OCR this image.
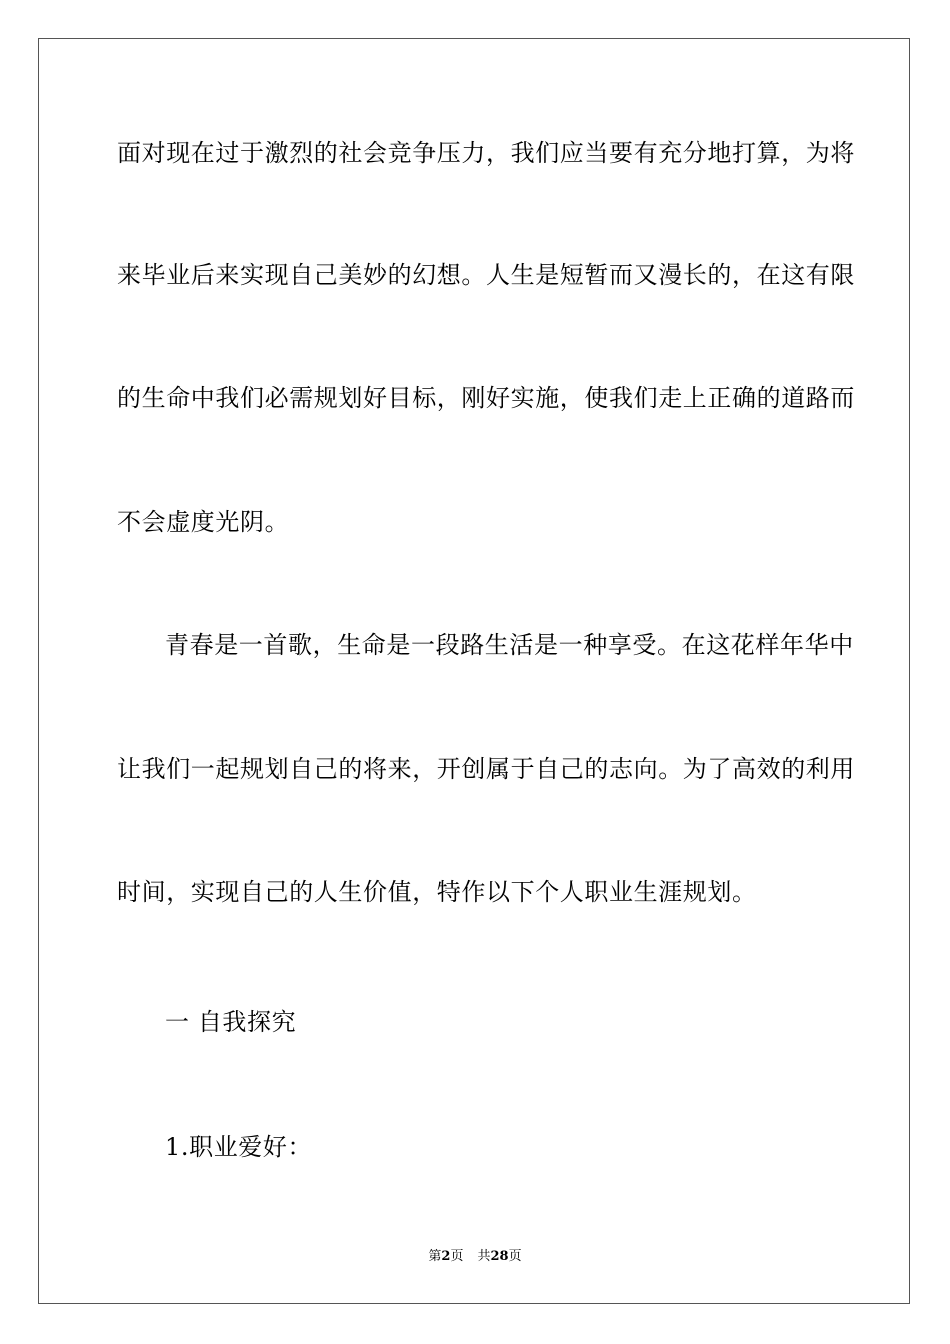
面对现在过于激烈的社会竞争压力，我们应当要有充分地打算，为将
来毕业后来实现自己美妙的幻想。人生是短暂而又漫长的，在这有限
的生命中我们必需规划好目标，刚好实施，使我们走上正确的道路而
不会虚度光阴。
青春是一首歌，生命是一段路生活是一种享受。在这花样年华中
让我们一起规划自己的将来，开创属于自己的志向。为了高效的利用
时间，实现自己的人生价值，特作以下个人职业生涯规划。
一 自我探究
1.职业爱好：
第2页 共28页
